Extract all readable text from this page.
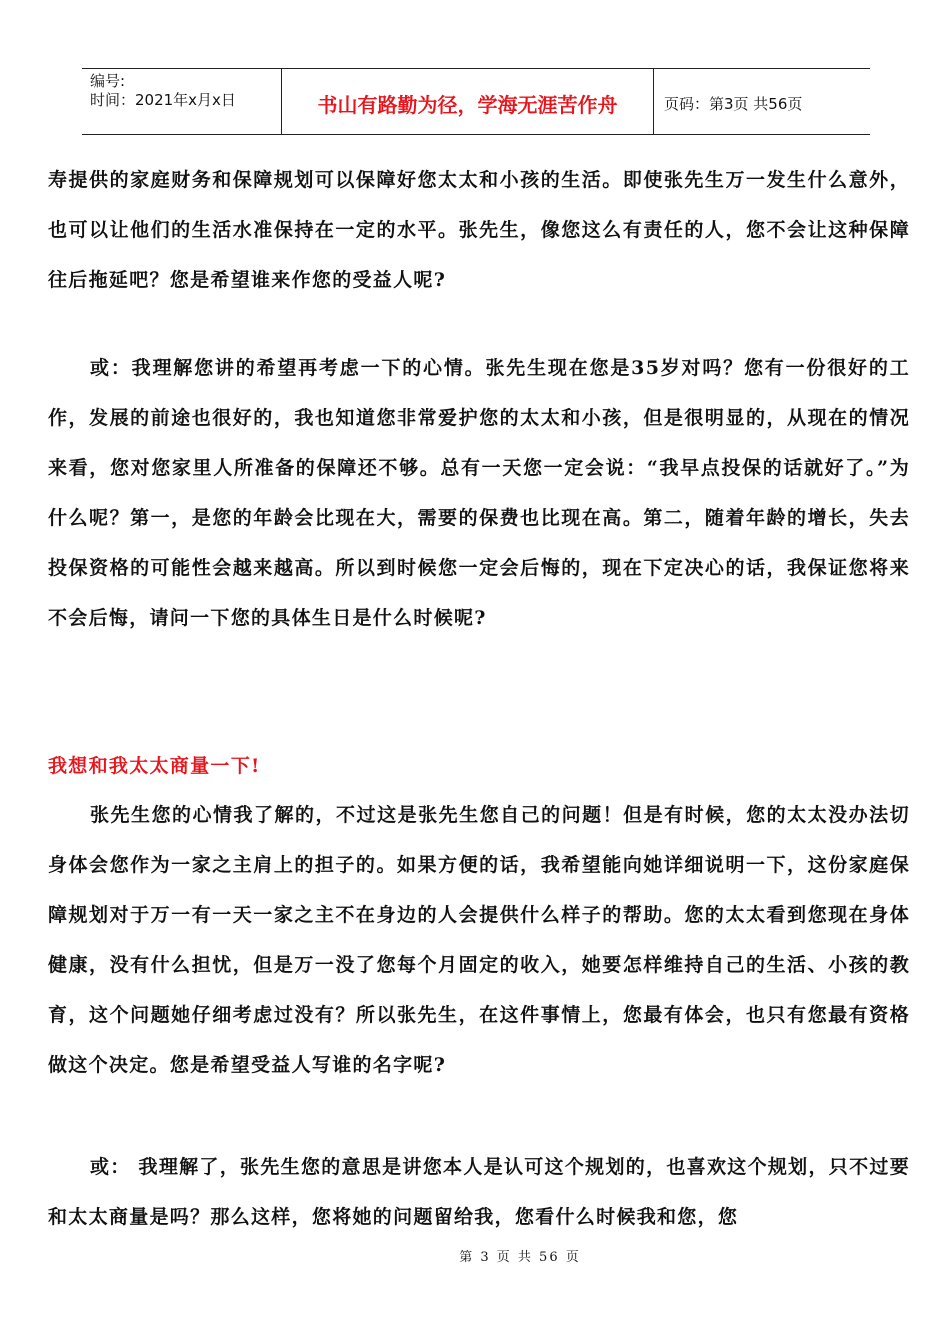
编号:
时间：2021年x月x日	书山有路勤为径，学海无涯苦作舟	页码：第3页 共56页

寿提供的家庭财务和保障规划可以保障好您太太和小孩的生活。即使张先生万一发生什么意外，也可以让他们的生活水准保持在一定的水平。张先生，像您这么有责任的人，您不会让这种保障往后拖延吧？您是希望谁来作您的受益人呢?

或：我理解您讲的希望再考虑一下的心情。张先生现在您是35岁对吗？您有一份很好的工作，发展的前途也很好的，我也知道您非常爱护您的太太和小孩，但是很明显的，从现在的情况来看，您对您家里人所准备的保障还不够。总有一天您一定会说：“我早点投保的话就好了。”为什么呢？第一，是您的年龄会比现在大，需要的保费也比现在高。第二，随着年龄的增长，失去投保资格的可能性会越来越高。所以到时候您一定会后悔的，现在下定决心的话，我保证您将来不会后悔，请问一下您的具体生日是什么时候呢?

我想和我太太商量一下!

张先生您的心情我了解的，不过这是张先生您自己的问题！但是有时候，您的太太没办法切身体会您作为一家之主肩上的担子的。如果方便的话，我希望能向她详细说明一下，这份家庭保障规划对于万一有一天一家之主不在身边的人会提供什么样子的帮助。您的太太看到您现在身体健康，没有什么担忧，但是万一没了您每个月固定的收入，她要怎样维持自己的生活、小孩的教育，这个问题她仔细考虑过没有？所以张先生，在这件事情上，您最有体会，也只有您最有资格做这个决定。您是希望受益人写谁的名字呢?

或： 我理解了，张先生您的意思是讲您本人是认可这个规划的，也喜欢这个规划，只不过要和太太商量是吗？那么这样，您将她的问题留给我，您看什么时候我和您，您

第 3 页 共 56 页
